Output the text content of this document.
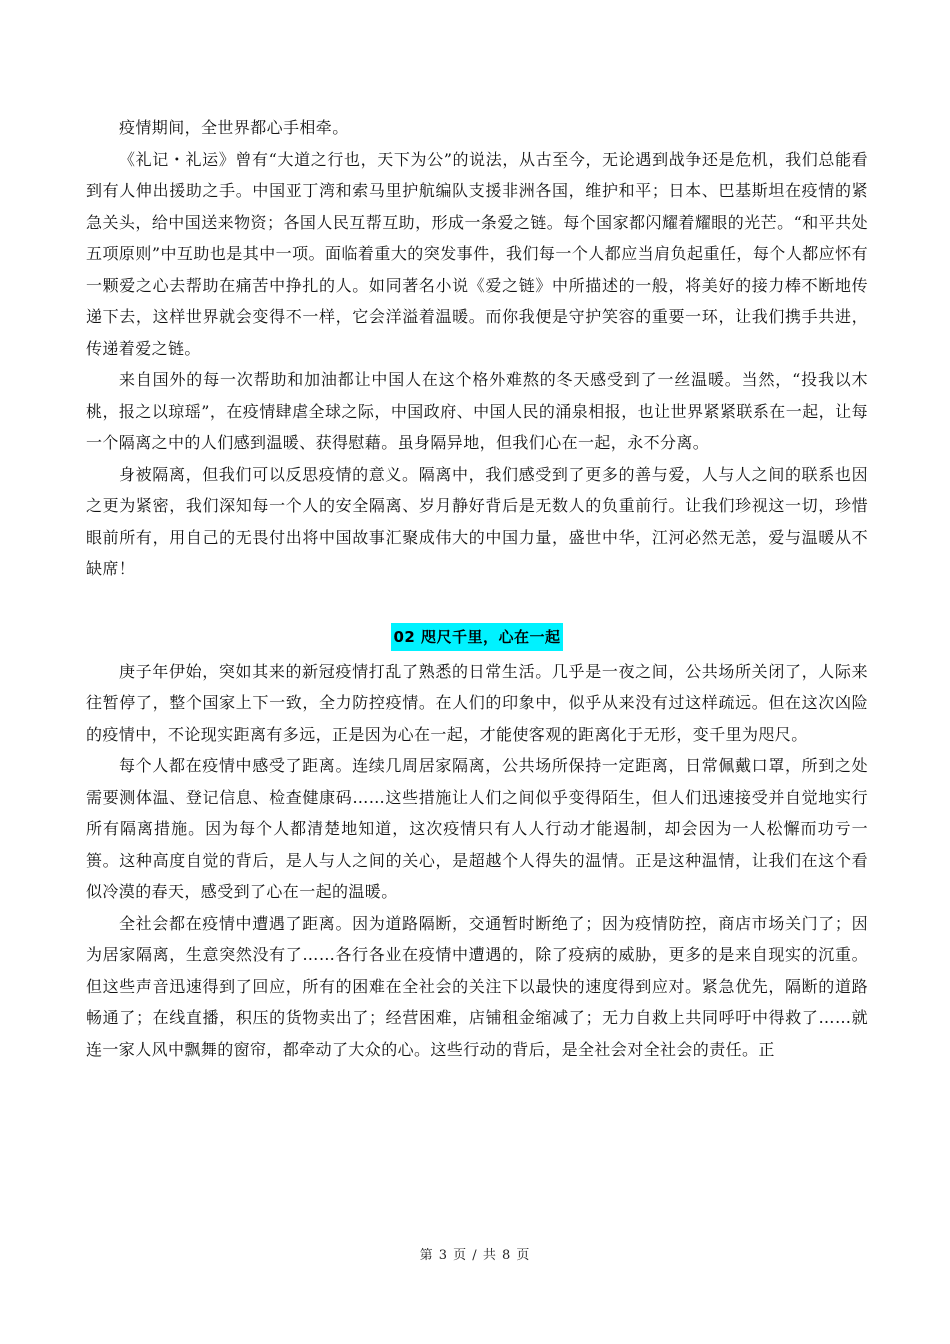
疫情期间，全世界都心手相牵。

《礼记・礼运》曾有“大道之行也，天下为公”的说法，从古至今，无论遇到战争还是危机，我们总能看到有人伸出援助之手。中国亚丁湾和索马里护航编队支援非洲各国，维护和平；日本、巴基斯坦在疫情的紧急关头，给中国送来物资；各国人民互帮互助，形成一条爱之链。每个国家都闪耀着耀眼的光芒。“和平共处五项原则”中互助也是其中一项。面临着重大的突发事件，我们每一个人都应当肩负起重任，每个人都应怀有一颗爱之心去帮助在痛苦中挣扎的人。如同著名小说《爱之链》中所描述的一般，将美好的接力棒不断地传递下去，这样世界就会变得不一样，它会洋溢着温暖。而你我便是守护笑容的重要一环，让我们携手共进，传递着爱之链。

来自国外的每一次帮助和加油都让中国人在这个格外难熬的冬天感受到了一丝温暖。当然，“投我以木桃，报之以琼瑶”，在疫情肆虐全球之际，中国政府、中国人民的涌泉相报，也让世界紧紧联系在一起，让每一个隔离之中的人们感到温暖、获得慰藉。虽身隔异地，但我们心在一起，永不分离。

身被隔离，但我们可以反思疫情的意义。隔离中，我们感受到了更多的善与爱，人与人之间的联系也因之更为紧密，我们深知每一个人的安全隔离、岁月静好背后是无数人的负重前行。让我们珍视这一切，珍惜眼前所有，用自己的无畏付出将中国故事汇聚成伟大的中国力量，盛世中华，江河必然无恙，爱与温暖从不缺席！

02 咫尺千里，心在一起

庚子年伊始，突如其来的新冠疫情打乱了熟悉的日常生活。几乎是一夜之间，公共场所关闭了，人际来往暂停了，整个国家上下一致，全力防控疫情。在人们的印象中，似乎从来没有过这样疏远。但在这次凶险的疫情中，不论现实距离有多远，正是因为心在一起，才能使客观的距离化于无形，变千里为咫尺。

每个人都在疫情中感受了距离。连续几周居家隔离，公共场所保持一定距离，日常佩戴口罩，所到之处需要测体温、登记信息、检查健康码……这些措施让人们之间似乎变得陌生，但人们迅速接受并自觉地实行所有隔离措施。因为每个人都清楚地知道，这次疫情只有人人行动才能遏制，却会因为一人松懈而功亏一篑。这种高度自觉的背后，是人与人之间的关心，是超越个人得失的温情。正是这种温情，让我们在这个看似冷漠的春天，感受到了心在一起的温暖。

全社会都在疫情中遭遇了距离。因为道路隔断，交通暂时断绝了；因为疫情防控，商店市场关门了；因为居家隔离，生意突然没有了……各行各业在疫情中遭遇的，除了疫病的威胁，更多的是来自现实的沉重。但这些声音迅速得到了回应，所有的困难在全社会的关注下以最快的速度得到应对。紧急优先，隔断的道路畅通了；在线直播，积压的货物卖出了；经营困难，店铺租金缩减了；无力自救上共同呼吁中得救了……就连一家人风中飘舞的窗帘，都牵动了大众的心。这些行动的背后，是全社会对全社会的责任。正

第 3 页 / 共 8 页
